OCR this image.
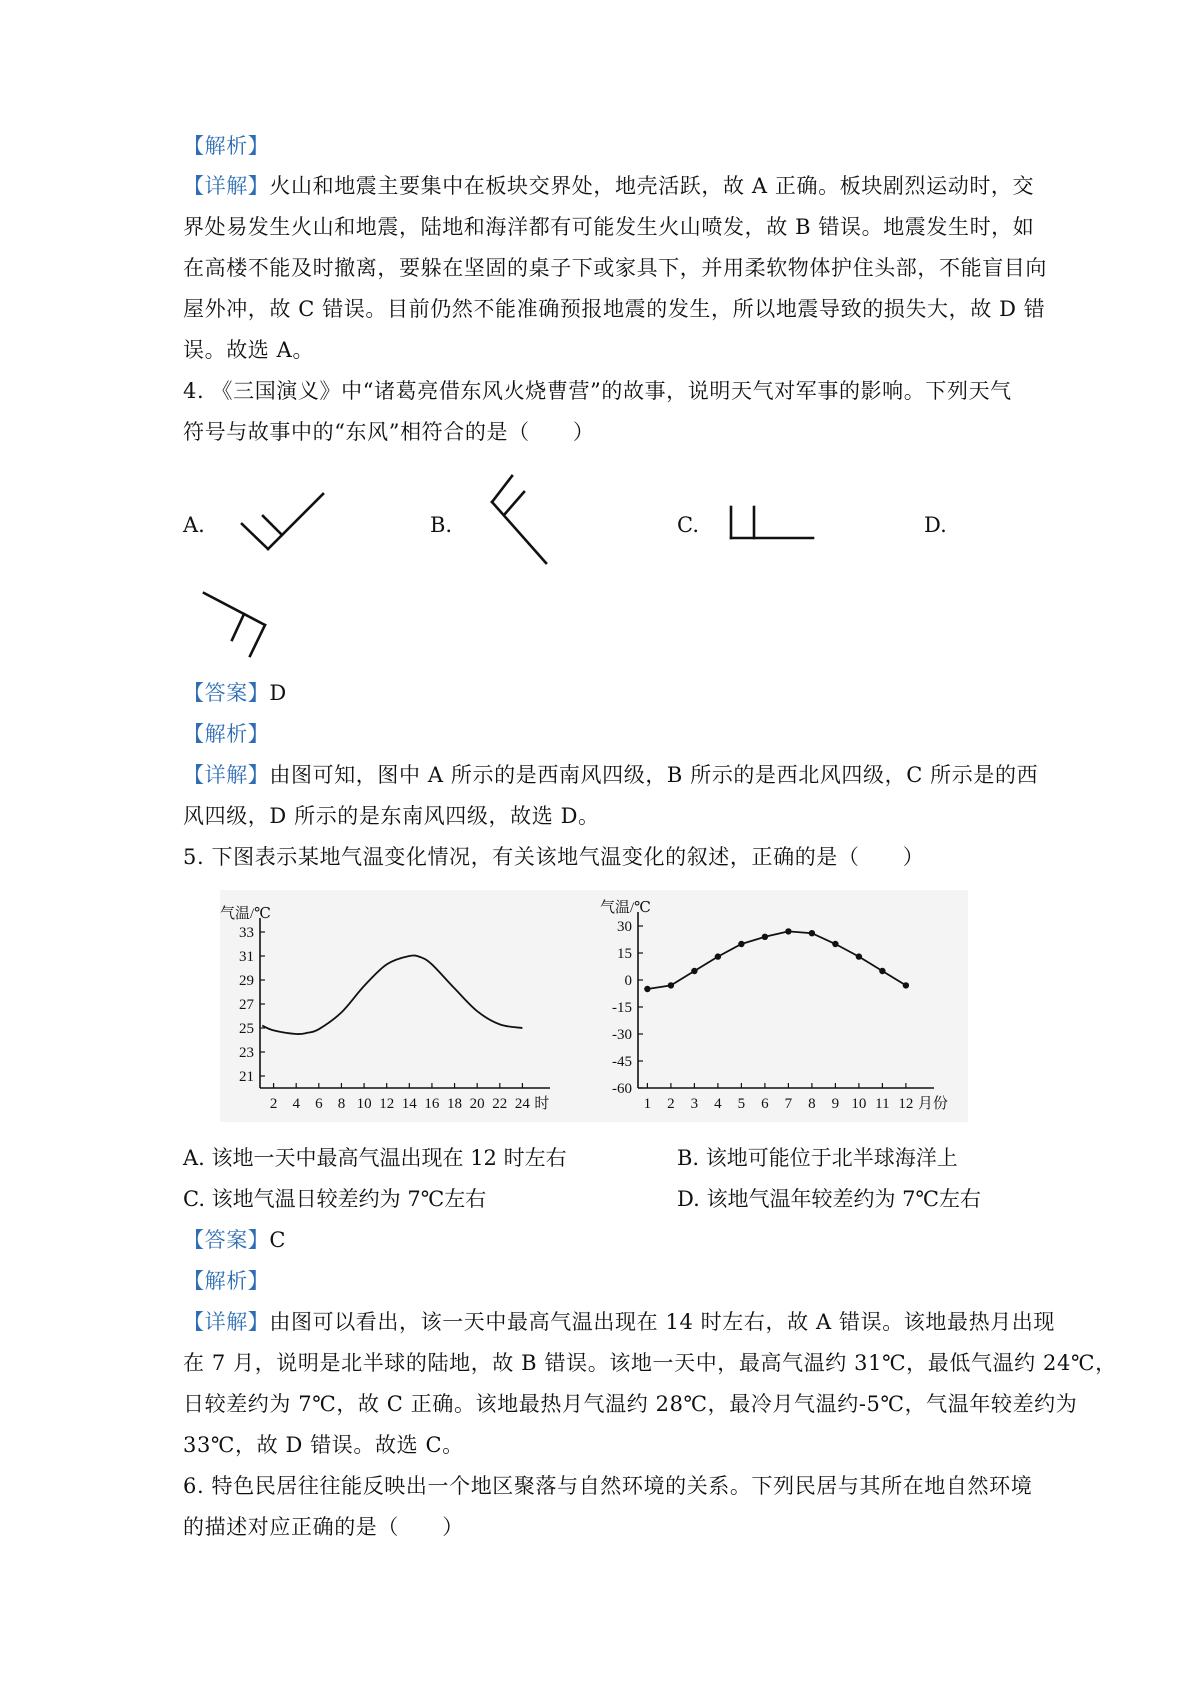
【解析】
【详解】火山和地震主要集中在板块交界处，地壳活跃，故 A 正确。板块剧烈运动时，交
界处易发生火山和地震，陆地和海洋都有可能发生火山喷发，故 B 错误。地震发生时，如
在高楼不能及时撤离，要躲在坚固的桌子下或家具下，并用柔软物体护住头部，不能盲目向
屋外冲，故 C 错误。目前仍然不能准确预报地震的发生，所以地震导致的损失大，故 D 错
误。故选 A。
4. 《三国演义》中“诸葛亮借东风火烧曹营”的故事，说明天气对军事的影响。下列天气
符号与故事中的“东风”相符合的是（　　）
A.	B.	C.	D.
【答案】D
【解析】
【详解】由图可知，图中 A 所示的是西南风四级，B 所示的是西北风四级，C 所示是的西
风四级，D 所示的是东南风四级，故选 D。
5. 下图表示某地气温变化情况，有关该地气温变化的叙述，正确的是（　　）
气温/℃
21
23
25
27
29
31
33
2 4 6 8 10 12 14 16 18 20 22 24 时
气温/℃
30
15
0
-15
-30
-45
-60
1 2 3 4 5 6 7 8 9 10 11 12 月份
A. 该地一天中最高气温出现在 12 时左右	B. 该地可能位于北半球海洋上
C. 该地气温日较差约为 7℃左右	D. 该地气温年较差约为 7℃左右
【答案】C
【解析】
【详解】由图可以看出，该一天中最高气温出现在 14 时左右，故 A 错误。该地最热月出现
在 7 月，说明是北半球的陆地，故 B 错误。该地一天中，最高气温约 31℃，最低气温约 24℃，
日较差约为 7℃，故 C 正确。该地最热月气温约 28℃，最冷月气温约-5℃，气温年较差约为
33℃，故 D 错误。故选 C。
6. 特色民居往往能反映出一个地区聚落与自然环境的关系。下列民居与其所在地自然环境
的描述对应正确的是（　　）
